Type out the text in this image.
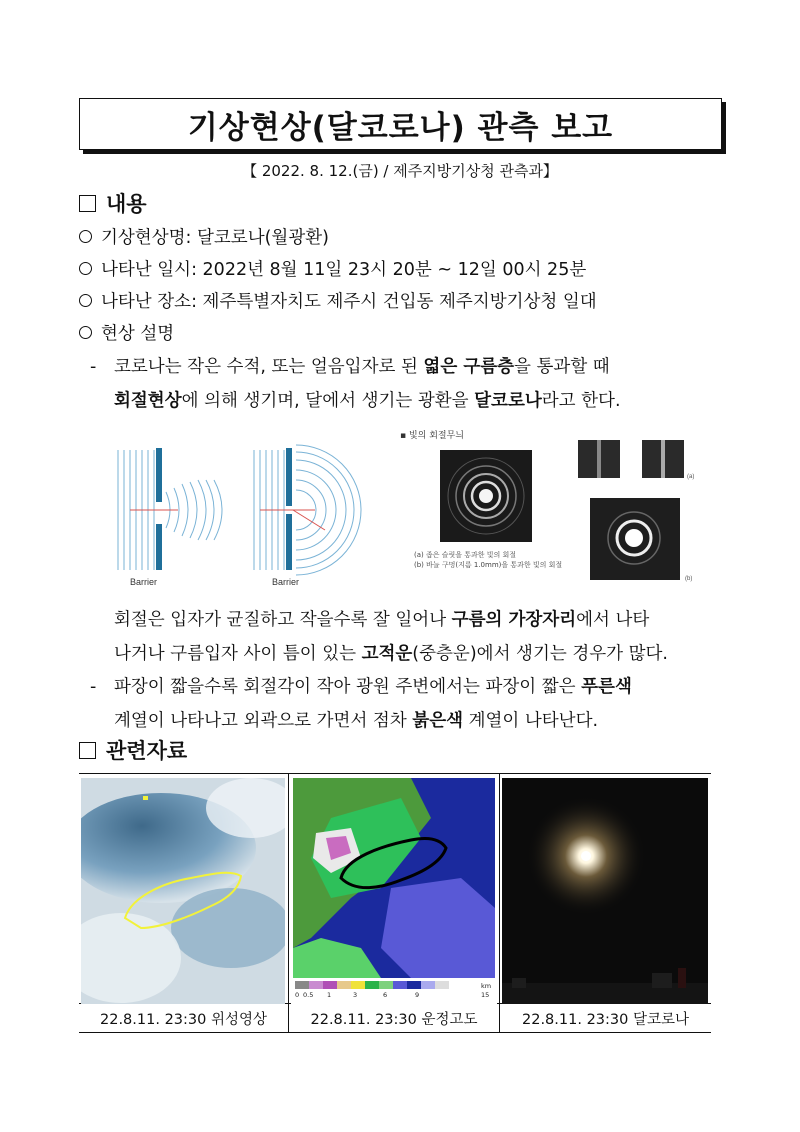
기상현상(달코로나) 관측 보고
【 2022. 8. 12.(금) / 제주지방기상청 관측과】
내용
기상현상명: 달코로나(월광환)
나타난 일시: 2022년 8월 11일 23시 20분 ~ 12일 00시 25분
나타난 장소: 제주특별자치도 제주시 건입동 제주지방기상청 일대
현상 설명
- 코로나는 작은 수적, 또는 얼음입자로 된 엷은 구름층을 통과할 때
회절현상에 의해 생기며, 달에서 생기는 광환을 달코로나라고 한다.
Barrier	Barrier
(a)
(b)
(a) 좁은 슬릿을 통과한 빛의 회절
(b) 바늘 구멍(지름 1.0mm)을 통과한 빛의 회절
▪ 빛의 회절무늬
회절은 입자가 균질하고 작을수록 잘 일어나 구름의 가장자리에서 나타
나거나 구름입자 사이 틈이 있는 고적운(중층운)에서 생기는 경우가 많다.
- 파장이 짧을수록 회절각이 작아 광원 주변에서는 파장이 짧은 푸른색
계열이 나타나고 외곽으로 가면서 점차 붉은색 계열이 나타난다.
관련자료
0 0.5 1	3	6	9	15
km
22.8.11. 23:30 위성영상	22.8.11. 23:30 운정고도	22.8.11. 23:30 달코로나
